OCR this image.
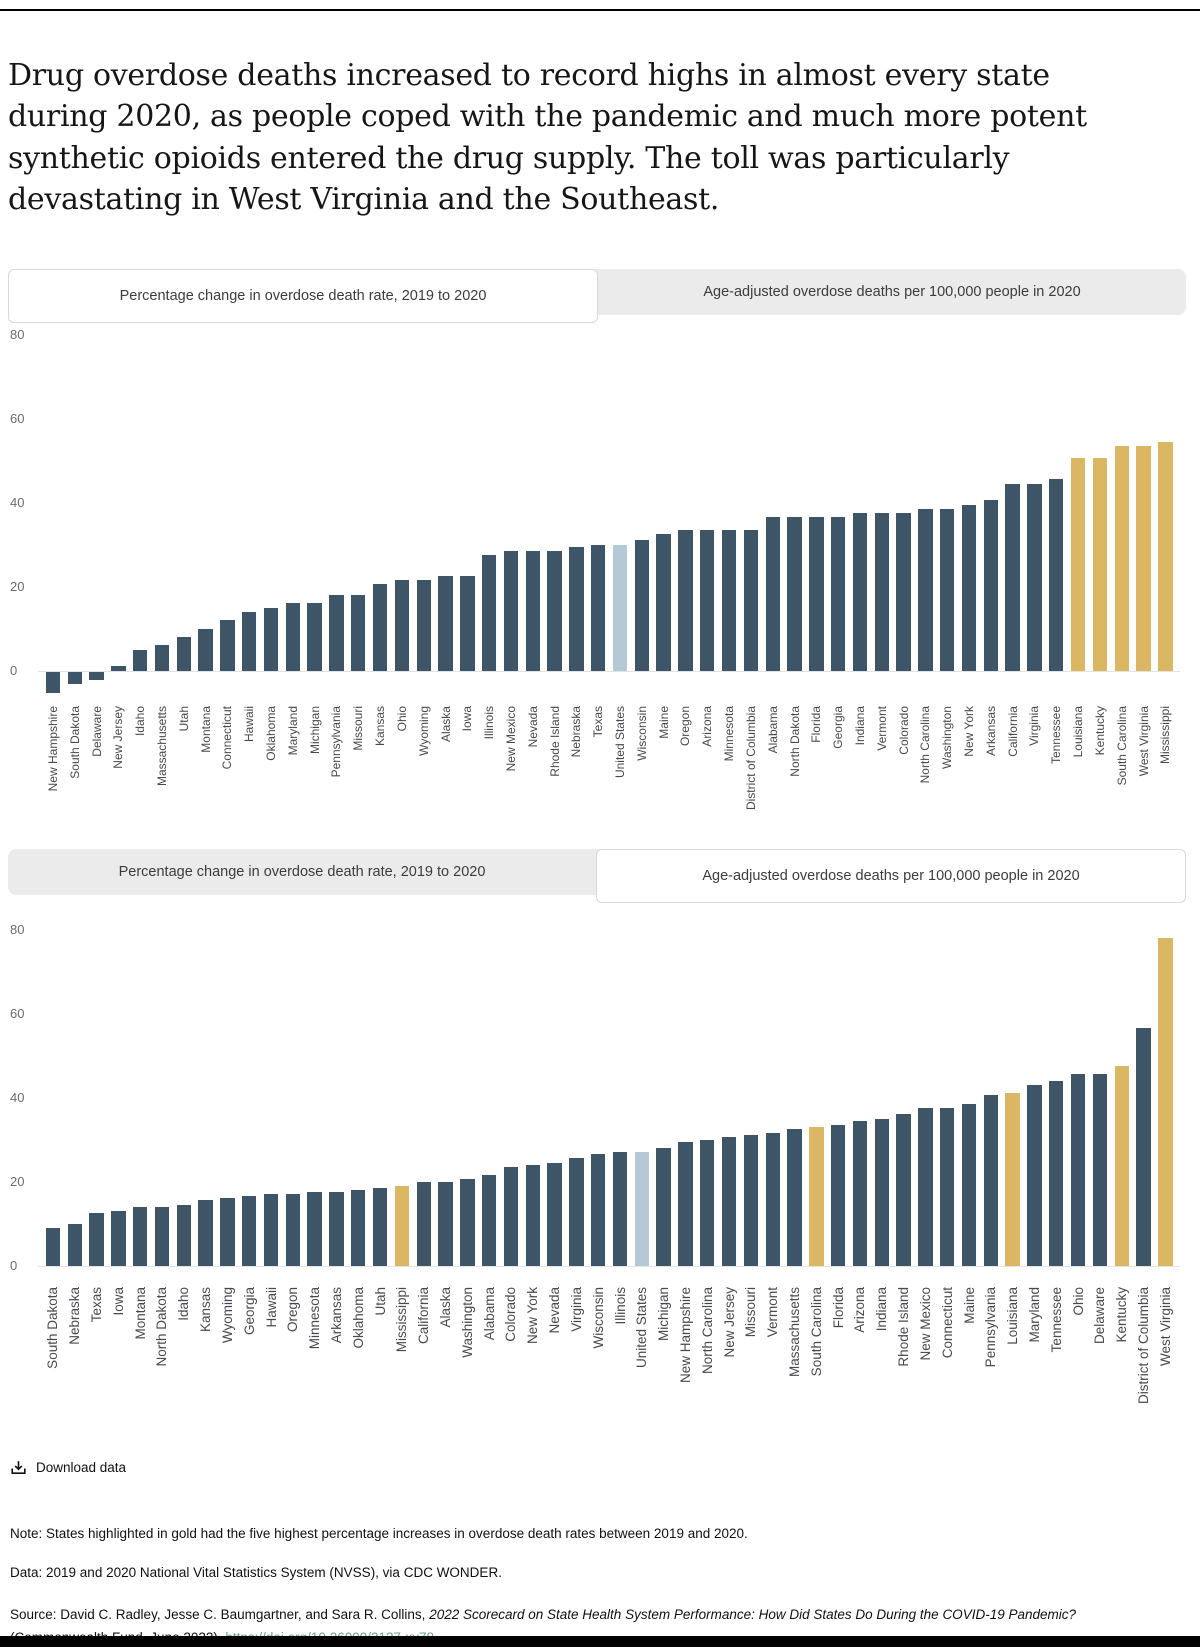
Drug overdose deaths increased to record highs in almost every state during 2020, as people coped with the pandemic and much more potent synthetic opioids entered the drug supply. The toll was particularly devastating in West Virginia and the Southeast.
Percentage change in overdose death rate, 2019 to 2020	Age-adjusted overdose deaths per 100,000 people in 2020
0
20
40
60
80
New Hampshire South Dakota Delaware New Jersey Idaho Massachusetts Utah Montana Connecticut Hawaii Oklahoma Maryland Michigan Pennsylvania Missouri Kansas Ohio Wyoming Alaska Iowa Illinois New Mexico Nevada Rhode Island Nebraska Texas United States Wisconsin Maine Oregon Arizona Minnesota District of Columbia Alabama North Dakota Florida Georgia Indiana Vermont Colorado North Carolina Washington New York Arkansas California Virginia Tennessee Louisiana Kentucky South Carolina West Virginia Mississippi
Percentage change in overdose death rate, 2019 to 2020	Age-adjusted overdose deaths per 100,000 people in 2020
0
20
40
60
80
South Dakota Nebraska Texas Iowa Montana North Dakota Idaho Kansas Wyoming Georgia Hawaii Oregon Minnesota Arkansas Oklahoma Utah Mississippi California Alaska Washington Alabama Colorado New York Nevada Virginia Wisconsin Illinois United States Michigan New Hampshire North Carolina New Jersey Missouri Vermont Massachusetts South Carolina Florida Arizona Indiana Rhode Island New Mexico Connecticut Maine Pennsylvania Louisiana Maryland Tennessee Ohio Delaware Kentucky District of Columbia West Virginia
Download data

Note: States highlighted in gold had the five highest percentage increases in overdose death rates between 2019 and 2020.

Data: 2019 and 2020 National Vital Statistics System (NVSS), via CDC WONDER.

Source: David C. Radley, Jesse C. Baumgartner, and Sara R. Collins, 2022 Scorecard on State Health System Performance: How Did States Do During the COVID-19 Pandemic?
